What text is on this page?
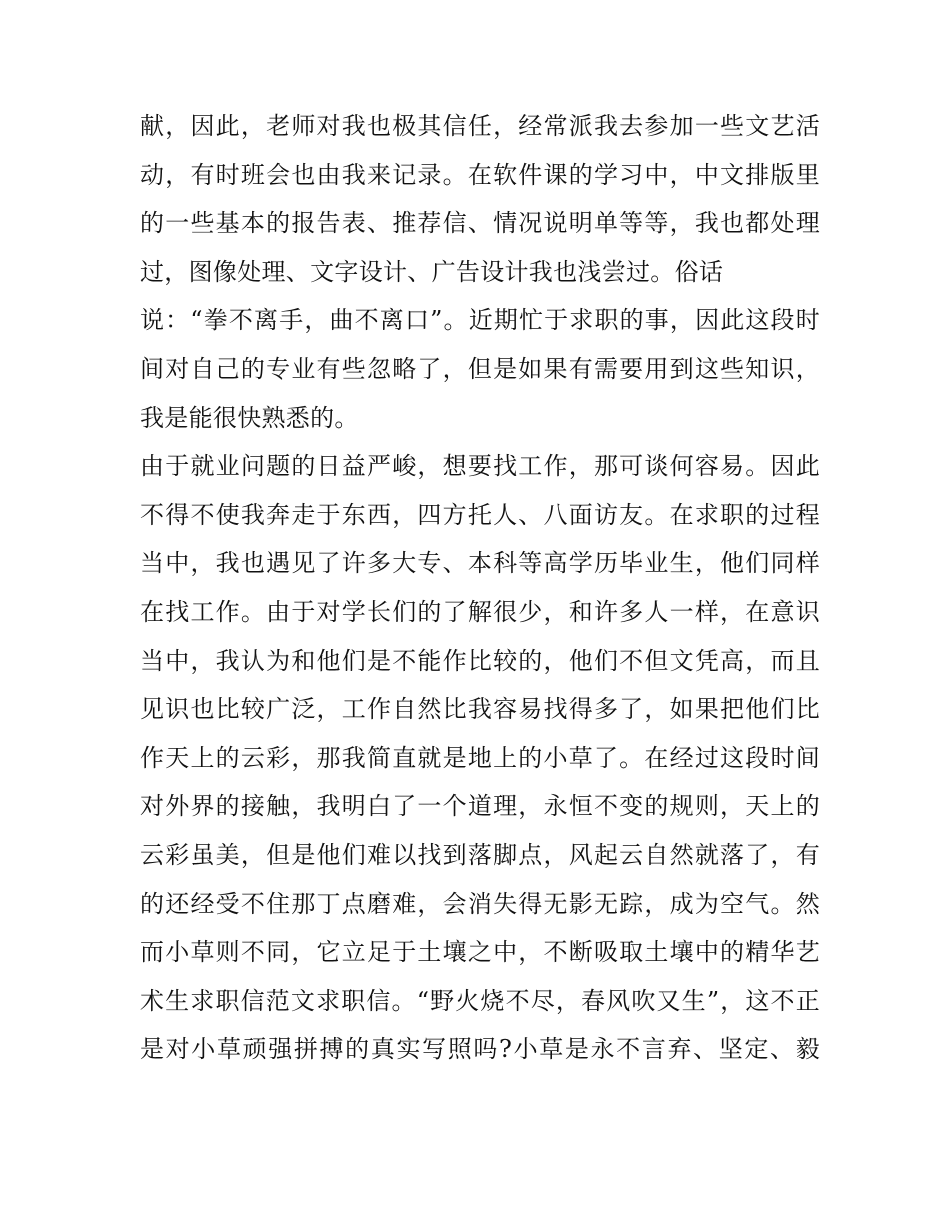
献，因此，老师对我也极其信任，经常派我去参加一些文艺活
动，有时班会也由我来记录。在软件课的学习中，中文排版里
的一些基本的报告表、推荐信、情况说明单等等，我也都处理
过，图像处理、文字设计、广告设计我也浅尝过。俗话
说：“拳不离手，曲不离口”。近期忙于求职的事，因此这段时
间对自己的专业有些忽略了，但是如果有需要用到这些知识，
我是能很快熟悉的。
由于就业问题的日益严峻，想要找工作，那可谈何容易。因此
不得不使我奔走于东西，四方托人、八面访友。在求职的过程
当中，我也遇见了许多大专、本科等高学历毕业生，他们同样
在找工作。由于对学长们的了解很少，和许多人一样，在意识
当中，我认为和他们是不能作比较的，他们不但文凭高，而且
见识也比较广泛，工作自然比我容易找得多了，如果把他们比
作天上的云彩，那我简直就是地上的小草了。在经过这段时间
对外界的接触，我明白了一个道理，永恒不变的规则，天上的
云彩虽美，但是他们难以找到落脚点，风起云自然就落了，有
的还经受不住那丁点磨难，会消失得无影无踪，成为空气。然
而小草则不同，它立足于土壤之中，不断吸取土壤中的精华艺
术生求职信范文求职信。“野火烧不尽，春风吹又生”，这不正
是对小草顽强拼搏的真实写照吗?小草是永不言弃、坚定、毅
